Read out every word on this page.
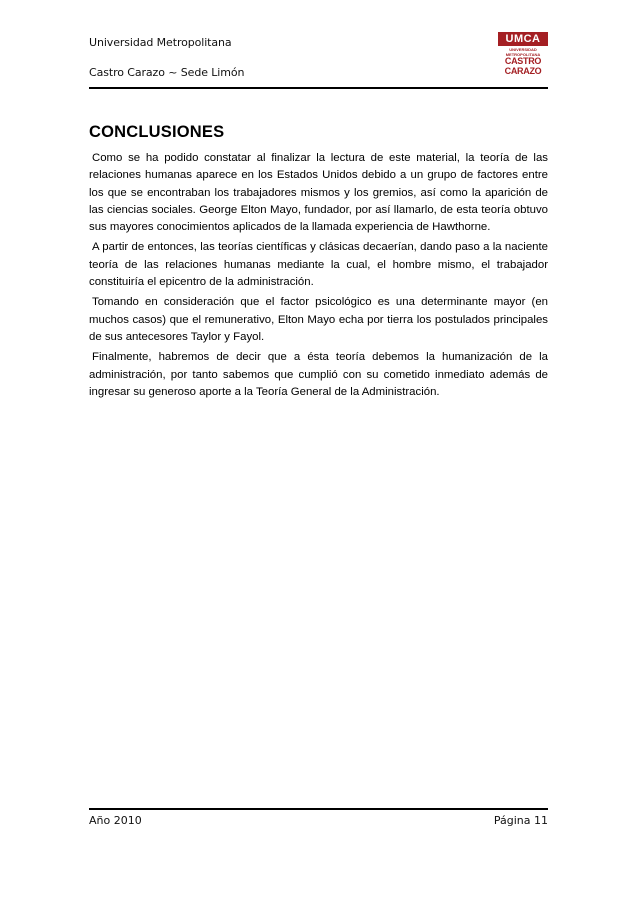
Universidad Metropolitana
Castro Carazo ~ Sede Limón
UMCA
UNIVERSIDAD METROPOLITANA
CASTRO
CARAZO
CONCLUSIONES

Como se ha podido constatar al finalizar la lectura de este material, la teoría de las relaciones humanas aparece en los Estados Unidos debido a un grupo de factores entre los que se encontraban los trabajadores mismos y los gremios, así como la aparición de las ciencias sociales. George Elton Mayo, fundador, por así llamarlo, de esta teoría obtuvo sus mayores conocimientos aplicados de la llamada experiencia de Hawthorne.

A partir de entonces, las teorías científicas y clásicas decaerían, dando paso a la naciente teoría de las relaciones humanas mediante la cual, el hombre mismo, el trabajador constituiría el epicentro de la administración.

Tomando en consideración que el factor psicológico es una determinante mayor (en muchos casos) que el remunerativo, Elton Mayo echa por tierra los postulados principales de sus antecesores Taylor y Fayol.

Finalmente, habremos de decir que a ésta teoría debemos la humanización de la administración, por tanto sabemos que cumplió con su cometido inmediato además de ingresar su generoso aporte a la Teoría General de la Administración.

Año 2010	Página 11
